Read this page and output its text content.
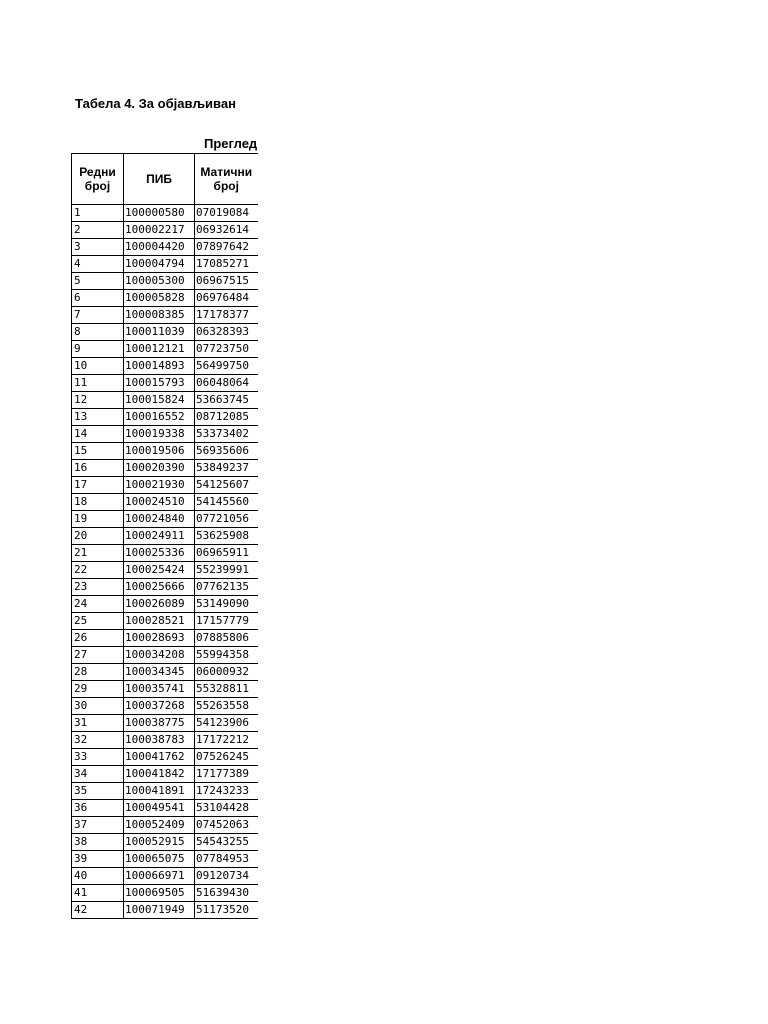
Табела 4. За објављиван
Преглед
Редни број	ПИБ	Матични број
1	100000580	07019084
2	100002217	06932614
3	100004420	07897642
4	100004794	17085271
5	100005300	06967515
6	100005828	06976484
7	100008385	17178377
8	100011039	06328393
9	100012121	07723750
10	100014893	56499750
11	100015793	06048064
12	100015824	53663745
13	100016552	08712085
14	100019338	53373402
15	100019506	56935606
16	100020390	53849237
17	100021930	54125607
18	100024510	54145560
19	100024840	07721056
20	100024911	53625908
21	100025336	06965911
22	100025424	55239991
23	100025666	07762135
24	100026089	53149090
25	100028521	17157779
26	100028693	07885806
27	100034208	55994358
28	100034345	06000932
29	100035741	55328811
30	100037268	55263558
31	100038775	54123906
32	100038783	17172212
33	100041762	07526245
34	100041842	17177389
35	100041891	17243233
36	100049541	53104428
37	100052409	07452063
38	100052915	54543255
39	100065075	07784953
40	100066971	09120734
41	100069505	51639430
42	100071949	51173520
